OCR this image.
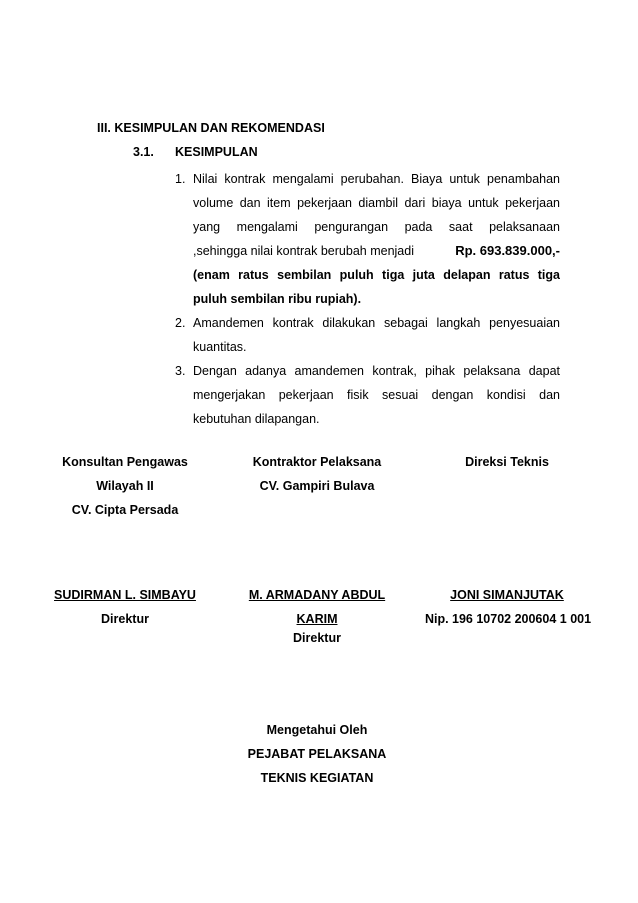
III. KESIMPULAN DAN REKOMENDASI
3.1. KESIMPULAN
1. Nilai kontrak mengalami perubahan. Biaya untuk penambahan
volume dan item pekerjaan diambil dari biaya untuk pekerjaan
yang mengalami pengurangan pada saat pelaksanaan
,sehingga nilai kontrak berubah menjadi	Rp. 693.839.000,-
(enam ratus sembilan puluh tiga juta delapan ratus tiga
puluh sembilan ribu rupiah).
2. Amandemen kontrak dilakukan sebagai langkah penyesuaian
kuantitas.
3. Dengan adanya amandemen kontrak, pihak pelaksana dapat
mengerjakan pekerjaan fisik sesuai dengan kondisi dan
kebutuhan dilapangan.
Konsultan Pengawas
Wilayah II
CV. Cipta Persada
SUDIRMAN L. SIMBAYU
Direktur
Kontraktor Pelaksana
CV. Gampiri Bulava
M. ARMADANY ABDUL
KARIM
Direktur
Direksi Teknis
JONI SIMANJUTAK
Nip. 196 10702 200604 1 001
Mengetahui Oleh
PEJABAT PELAKSANA
TEKNIS KEGIATAN
